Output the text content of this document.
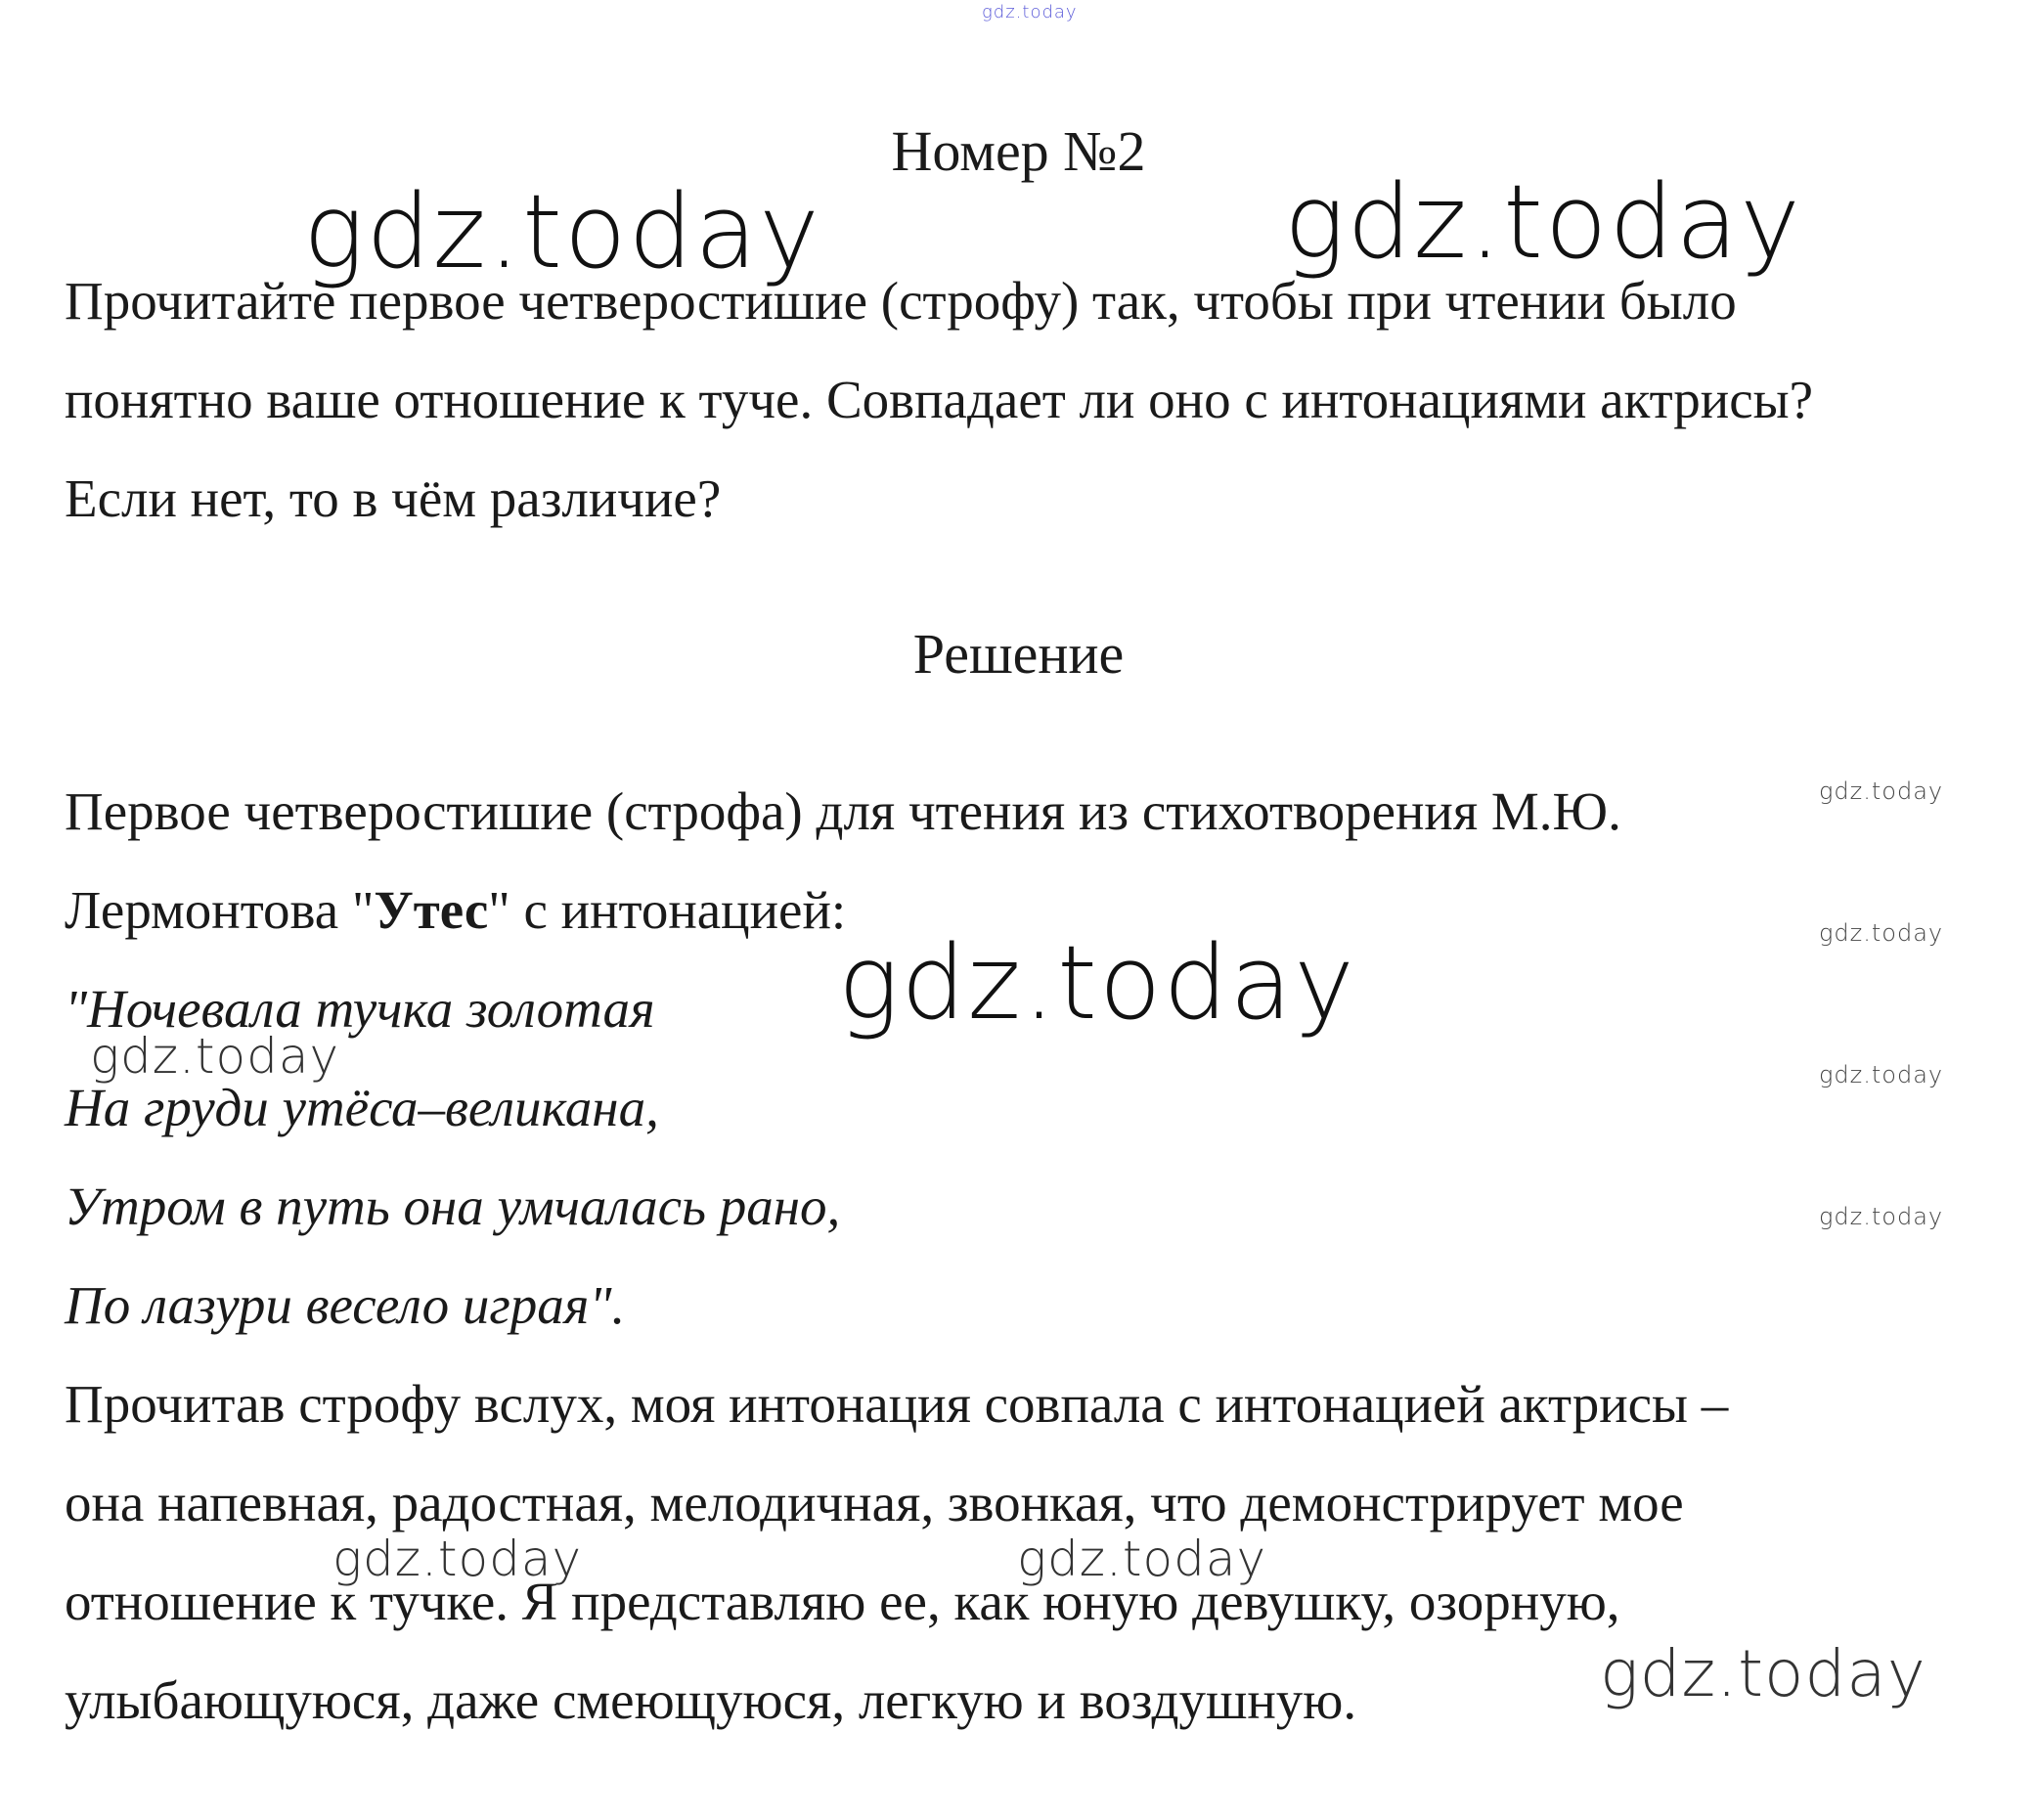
gdz.today
Номер №2
Прочитайте первое четверостишие (строфу) так, чтобы при чтении было
понятно ваше отношение к туче. Совпадает ли оно с интонациями актрисы?
Если нет, то в чём различие?
Решение
Первое четверостишие (строфа) для чтения из стихотворения М.Ю.
Лермонтова "Утес" с интонацией:
"Ночевала тучка золотая
На груди утёса–великана,
Утром в путь она умчалась рано,
По лазури весело играя".
Прочитав строфу вслух, моя интонация совпала с интонацией актрисы –
она напевная, радостная, мелодичная, звонкая, что демонстрирует мое
отношение к тучке. Я представляю ее, как юную девушку, озорную,
улыбающуюся, даже смеющуюся, легкую и воздушную.
gdz.today	gdz.today
gdz.today
gdz.today
gdz.today
gdz.today	gdz.today
gdz.today
gdz.today
gdz.today
gdz.today
